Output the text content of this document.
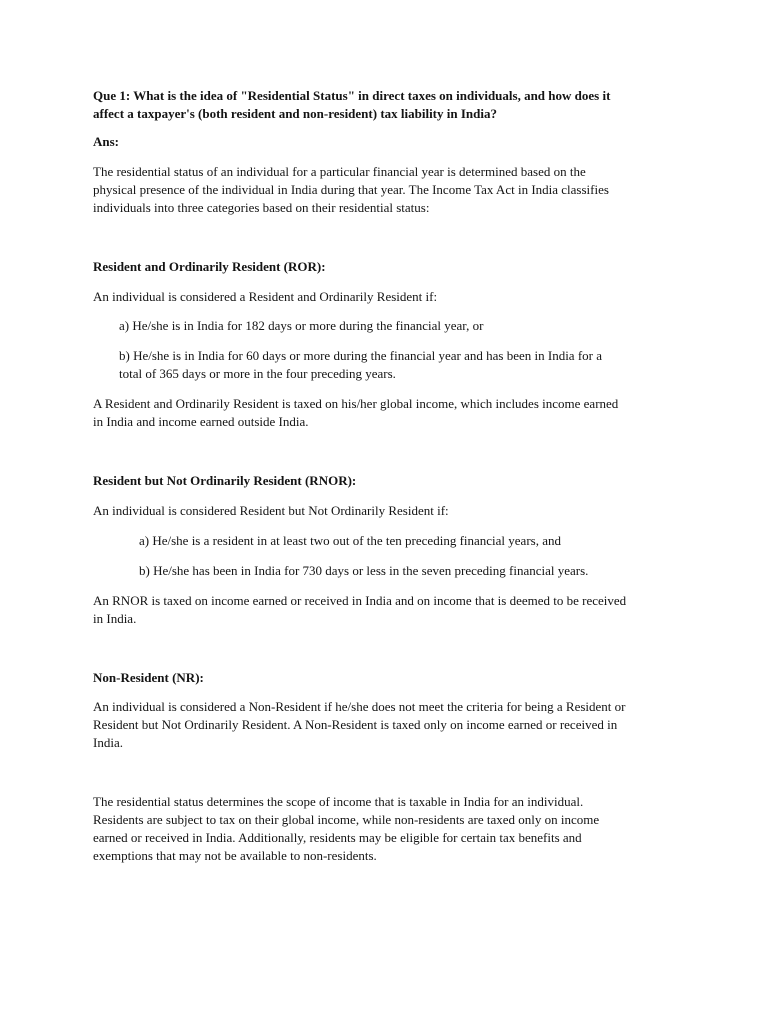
Que 1: What is the idea of "Residential Status" in direct taxes on individuals, and how does it
affect a taxpayer's (both resident and non-resident) tax liability in India?

Ans:

The residential status of an individual for a particular financial year is determined based on the
physical presence of the individual in India during that year. The Income Tax Act in India classifies
individuals into three categories based on their residential status:

Resident and Ordinarily Resident (ROR):

An individual is considered a Resident and Ordinarily Resident if:

a) He/she is in India for 182 days or more during the financial year, or

b) He/she is in India for 60 days or more during the financial year and has been in India for a
total of 365 days or more in the four preceding years.

A Resident and Ordinarily Resident is taxed on his/her global income, which includes income earned
in India and income earned outside India.

Resident but Not Ordinarily Resident (RNOR):

An individual is considered Resident but Not Ordinarily Resident if:

a) He/she is a resident in at least two out of the ten preceding financial years, and

b) He/she has been in India for 730 days or less in the seven preceding financial years.

An RNOR is taxed on income earned or received in India and on income that is deemed to be received
in India.

Non-Resident (NR):

An individual is considered a Non-Resident if he/she does not meet the criteria for being a Resident or
Resident but Not Ordinarily Resident. A Non-Resident is taxed only on income earned or received in
India.

The residential status determines the scope of income that is taxable in India for an individual.
Residents are subject to tax on their global income, while non-residents are taxed only on income
earned or received in India. Additionally, residents may be eligible for certain tax benefits and
exemptions that may not be available to non-residents.
